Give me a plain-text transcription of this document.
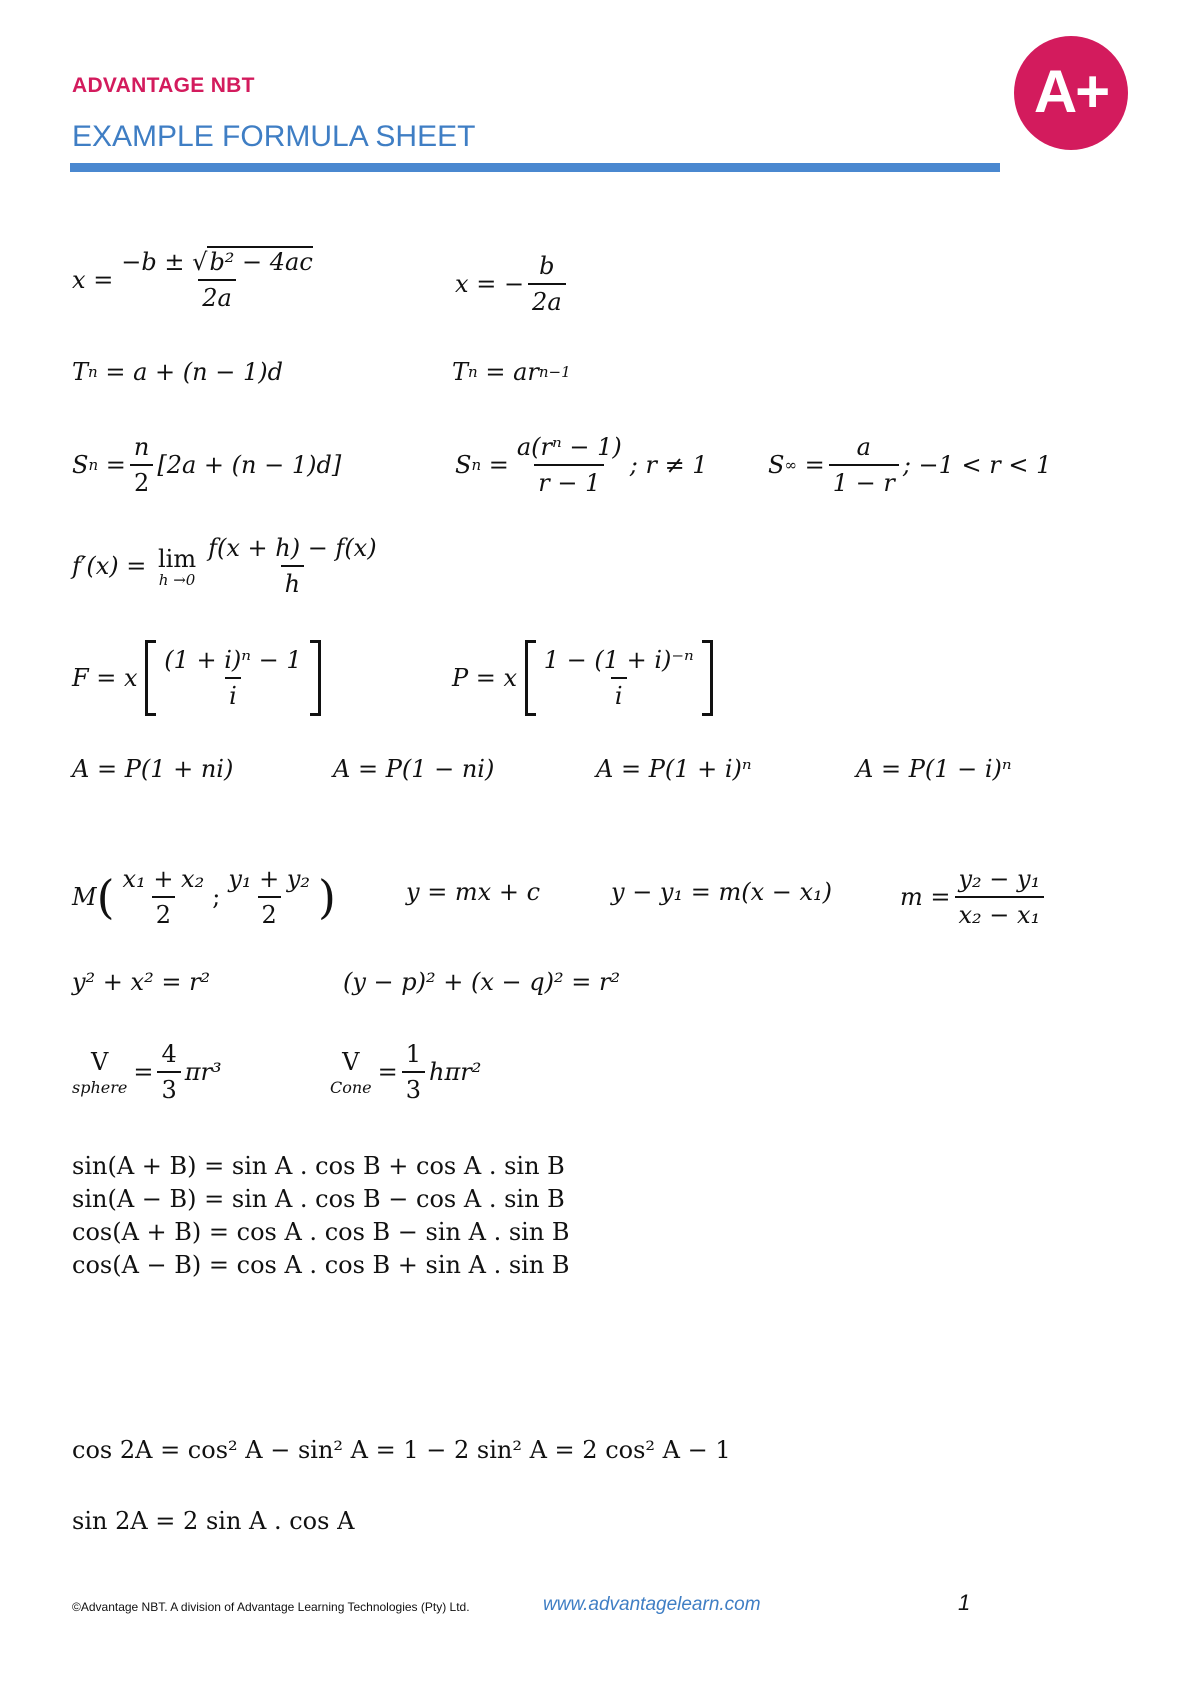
ADVANTAGE NBT
EXAMPLE FORMULA SHEET
A+
x
= $\frac{\text{−b ± √b² − 4ac}}{2a}$	x
=
− $\frac{b}{2a}$
T n
=
a + (n − 1)d	T n
=
ar n−1
S n
= $\frac{n}{2} [2a + (n - 1)d]$	S n
= $\frac{\text{a(rⁿ − 1)}}{r - 1}$ ; r ≠ 1	S ∞
= $\frac{a}{1 - r}$ ; −1 < r < 1
f′(x) =
lim
$h \to 0 \frac{f(x + h) - f(x)}{h}$
F = x
$\frac{\text{(1 + i)ⁿ − 1}}{i}$	P = x
$\frac{\text{1 − (1 + i)⁻ⁿ}}{i}$
A = P(1 + ni)	A = P(1 − ni)	A = P(1 + i)ⁿ	A = P(1 − i)ⁿ
M ( $\frac{\text{x₁ + x₂}}{2}$ ; $\frac{\text{y₁ + y₂}}{2}$ )	y = mx + c	y − y₁ = m(x − x₁)	$m = \frac{\text{y₂ − y₁}}{\text{x₂ − x₁}}$
y² + x² = r²	(y − p)² + (x − q)² = r²
V
sphere
= $\frac{4}{3} \pi r^3$	V
Cone
= $\frac{1}{3} h\pi r^2$
sin(A + B) = sin A . cos B + cos A . sin B
sin(A − B) = sin A . cos B − cos A . sin B
cos(A + B) = cos A . cos B − sin A . sin B
cos(A − B) = cos A . cos B + sin A . sin B
cos 2A = cos² A − sin² A = 1 − 2 sin² A = 2 cos² A − 1
sin 2A = 2 sin A . cos A
©Advantage NBT. A division of Advantage Learning Technologies (Pty) Ltd.	www.advantagelearn.com	1
